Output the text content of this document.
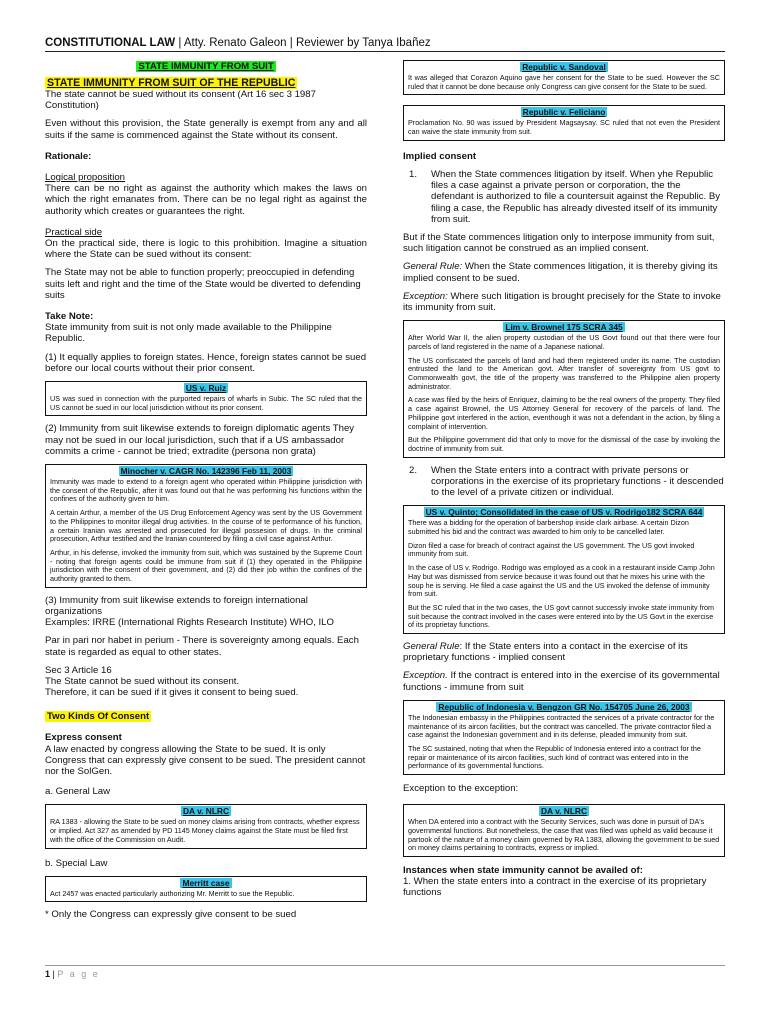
CONSTITUTIONAL LAW | Atty. Renato Galeon | Reviewer by Tanya Ibañez
STATE IMMUNITY FROM SUIT
STATE IMMUNITY FROM SUIT OF THE REPUBLIC

The state cannot be sued without its consent (Art 16 sec 3 1987 Constitution)

Even without this provision, the State generally is exempt from any and all suits if the same is commenced against the State without its consent.

Rationale:

Logical proposition

There can be no right as against the authority which makes the laws on which the right emanates from. There can be no legal right as against the authority which creates or guarantees the right.

Practical side

On the practical side, there is logic to this prohibition. Imagine a situation where the State can be sued without its consent:

The State may not be able to function properly; preoccupied in defending suits left and right and the time of the State would be diverted to defending suits

Take Note:

State immunity from suit is not only made available to the Philippine Republic.

(1) It equally applies to foreign states. Hence, foreign states cannot be sued before our local courts without their prior consent.

US v. Ruiz

US was sued in connection with the purported repairs of wharfs in Subic. The SC ruled that the US cannot be sued in our local jurisdiction without its prior consent.

(2) Immunity from suit likewise extends to foreign diplomatic agents They may not be sued in our local jurisdiction, such that if a US ambassador commits a crime - cannot be tried; extradite (persona non grata)

Minocher v. CAGR No. 142396 Feb 11, 2003

Immunity was made to extend to a foreign agent who operated within Philippine jurisdiction with the consent of the Republic, after it was found out that he was performing his functions within the confines of the authority given to him.

A certain Arthur, a member of the US Drug Enforcement Agency was sent by the US Government to the Philippines to monitor illegal drug activities. In the course of te performance of his function, a certain Iranian was arrested and prosecuted for illegal possesion of drugs. In the criminal prosecution, Arthur testified and the Iranian countered by filing a civil case against Arthur.

Arthur, in his defense, invoked the immunity from suit, which was sustained by the Supreme Court - noting that foreign agents could be immune from suit if (1) they operated in the Philippine jurisdiction with the consent of their government, and (2) did their job within the confines of the authority granted to them.

(3) Immunity from suit likewise extends to foreign international organizations

Examples: IRRE (International Rights Research Institute) WHO, ILO

Par in pari nor habet in perium - There is sovereignty among equals. Each state is regarded as equal to other states.

Sec 3 Article 16

The State cannot be sued without its consent.

Therefore, it can be sued if it gives it consent to being sued.

Two Kinds Of Consent

Express consent

A law enacted by congress allowing the State to be sued. It is only Congress that can expressly give consent to be sued. The president cannot nor the SolGen.

a. General Law

DA v. NLRC

RA 1383 - allowing the State to be sued on money claims arising from contracts, whether express or implied. Act 327 as amended by PD 1145 Money claims against the State must be filed first with the office of the Commission on Audit.

b. Special Law

Merritt case

Act 2457 was enacted particularly authorizing Mr. Merritt to sue the Republic.

* Only the Congress can expressly give consent to be sued

Republic v. Sandoval

It was alleged that Corazon Aquino gave her consent for the State to be sued. However the SC ruled that it cannot be done because only Congress can give consent for the State to be sued.

Republic v. Feliciano

Proclamation No. 90 was issued by President Magsaysay. SC ruled that not even the President can waive the state immunity from suit.

Implied consent

1.	When the State commences litigation by itself. When yhe Republic files a case against a private person or corporation, the the defendant is authorized to file a countersuit against the Republic. By filing a case, the Republic has already divested itself of its immunity from suit.

But if the State commences litigation only to interpose immunity from suit, such litigation cannot be construed as an implied consent.

General Rule: When the State commences litigation, it is thereby giving its implied consent to be sued.

Exception: Where such litigation is brought precisely for the State to invoke its immunity from suit.

Lim v. Brownel 175 SCRA 345

After World War II, the alien property custodian of the US Govt found out that there were four parcels of land registered in the name of a Japanese national.

The US confiscated the parcels of land and had them registered under its name. The custodian entrusted the land to the American govt. After transfer of sovereignty from US govt to Commonwealth govt, the title of the property was transferred to the Philippine alien property administrator.

A case was filed by the heirs of Enriquez, claiming to be the real owners of the property. They filed a case against Brownel, the US Attorney General for recovery of the parcels of land. The Philippine govt interfered in the action, eventhough it was not a defendant in the action, by filing a complaint of intervention.

But the Philippine government did that only to move for the dismissal of the case by invoking the doctrine of immunity from suit.

2.	When the State enters into a contract with private persons or corporations in the exercise of its proprietary functions - it descended to the level of a private citizen or individual.
US v. Quinto; Consolidated in the case of US v. Rodrigo182 SCRA 644

There was a bidding for the operation of barbershop inside clark airbase. A certain Dizon submitted his bid and the contract was awarded to him only to be cancelled later.

Dizon filed a case for breach of contract against the US government. The US govt invoked immunity from suit.

In the case of US v. Rodrigo. Rodrigo was employed as a cook in a restaurant inside Camp John Hay but was dismissed from service because it was found out that he mixes his urine with the soup he is serving. He filed a case against the US and the US invoked the defense of immunity from suit.

But the SC ruled that in the two cases, the US govt cannot successly invoke state immunity from suit because the contract involved in the cases were entered into by the US Govt in the exercise of its proprietay functions.

General Rule: If the State enters into a contact in the exercise of its proprietary functions - implied consent

Exception. If the contract is entered into in the exercise of its governmental functions - immune from suit

Republic of Indonesia v. Bengzon GR No. 154705 June 26, 2003

The Indonesian embassy in the Philippines contracted the services of a private contractor for the maintenance of its aircon facilities, but the contract was cancelled. The private contractor filed a case against the Indonesian government and in its defense, pleaded immunity from suit.

The SC sustained, noting that when the Republic of Indonesia entered into a contract for the repair or maintenance of its aircon facilities, such kind of contract was entered into in the performance of its governmental functions.

Exception to the exception:

DA v. NLRC

When DA entered into a contract with the Security Services, such was done in pursuit of DA's governmental functions. But nonetheless, the case that was filed was upheld as valid because it partook of the nature of a money claim governed by RA 1383, allowing the government to be sued on money claims pertaining to contracts, express or implied.

Instances when state immunity cannot be availed of:

1. When the state enters into a contract in the exercise of its proprietary functions

1 | P a g e
